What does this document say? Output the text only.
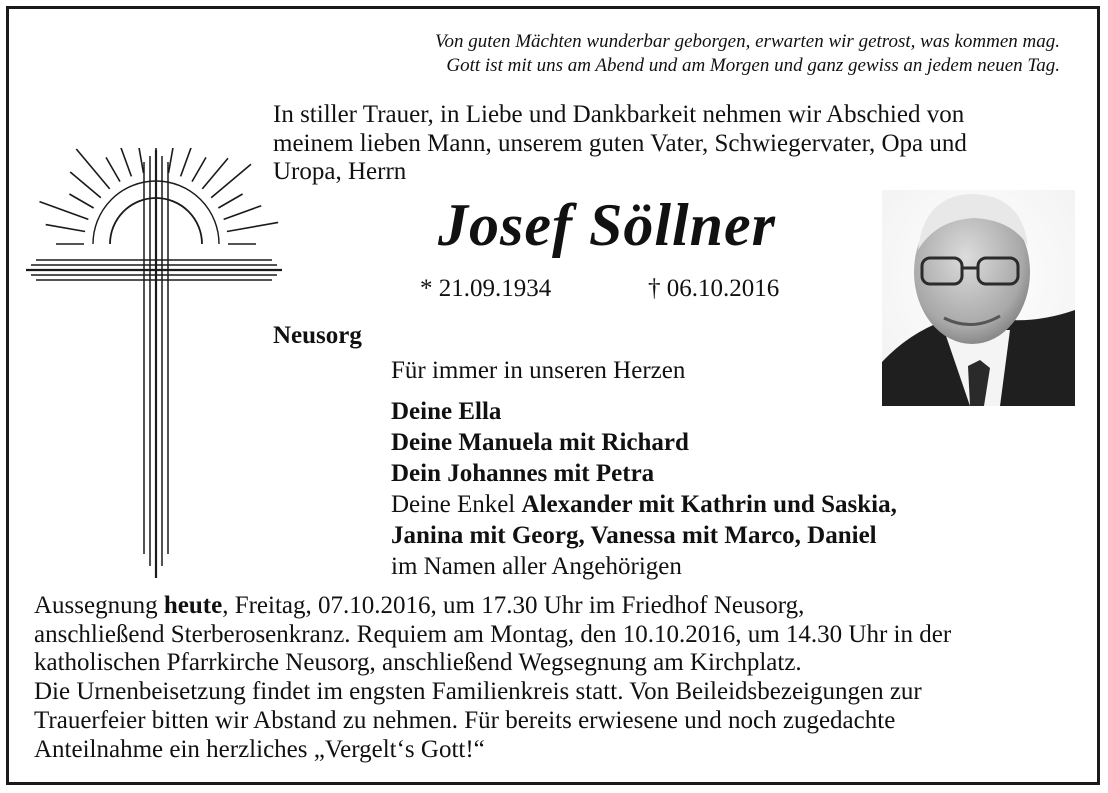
Von guten Mächten wunderbar geborgen, erwarten wir getrost, was kommen mag.
Gott ist mit uns am Abend und am Morgen und ganz gewiss an jedem neuen Tag.
In stiller Trauer, in Liebe und Dankbarkeit nehmen wir Abschied von
meinem lieben Mann, unserem guten Vater, Schwiegervater, Opa und
Uropa, Herrn
Josef Söllner
* 21.09.1934	† 06.10.2016
Neusorg
Für immer in unseren Herzen
Deine Ella
Deine Manuela mit Richard
Dein Johannes mit Petra
Deine Enkel Alexander mit Kathrin und Saskia,
Janina mit Georg, Vanessa mit Marco, Daniel
im Namen aller Angehörigen
Aussegnung heute, Freitag, 07.10.2016, um 17.30 Uhr im Friedhof Neusorg,
anschließend Sterberosenkranz. Requiem am Montag, den 10.10.2016, um 14.30 Uhr in der
katholischen Pfarrkirche Neusorg, anschließend Wegsegnung am Kirchplatz.
Die Urnenbeisetzung findet im engsten Familienkreis statt. Von Beileidsbezeigungen zur
Trauerfeier bitten wir Abstand zu nehmen. Für bereits erwiesene und noch zugedachte
Anteilnahme ein herzliches „Vergelt‘s Gott!“
